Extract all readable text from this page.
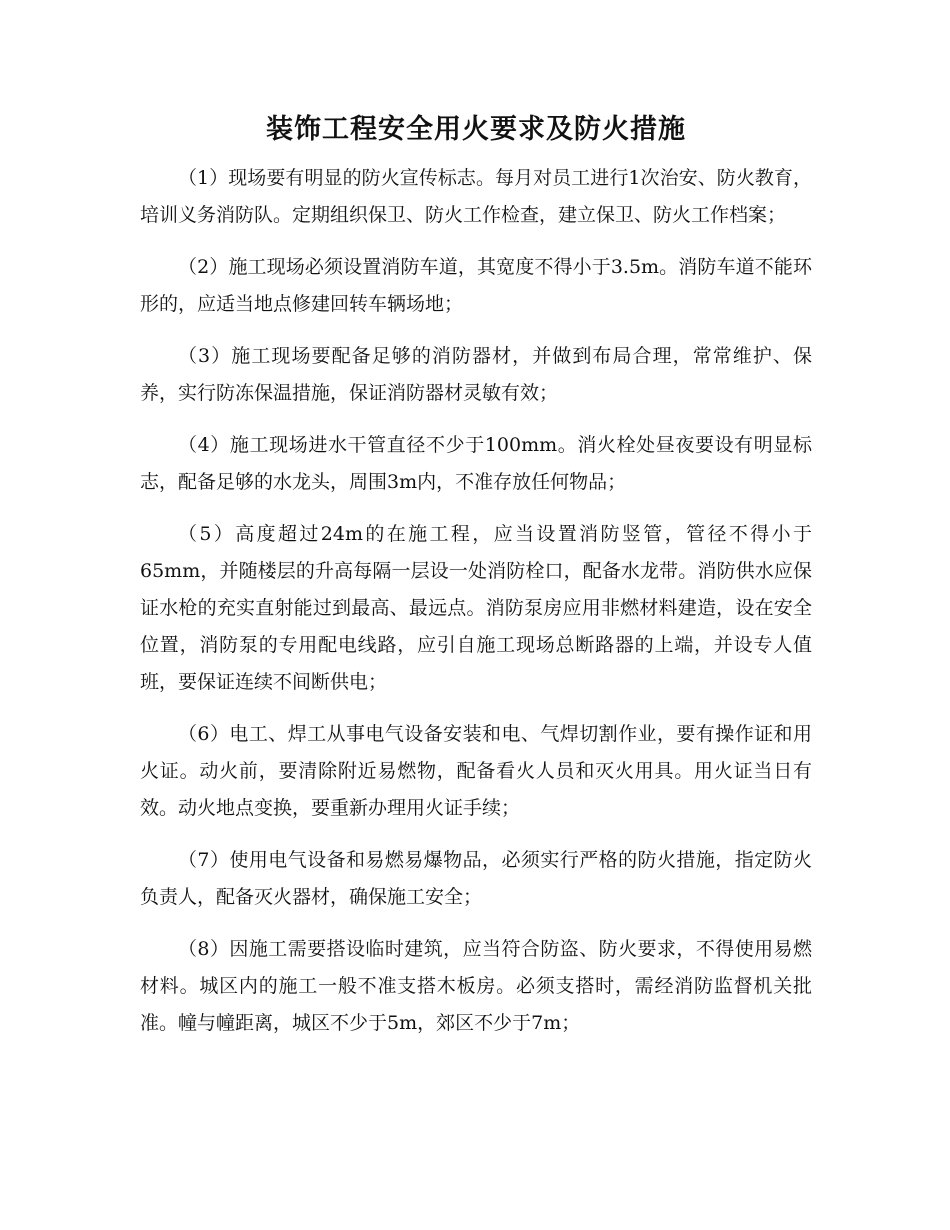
装饰工程安全用火要求及防火措施

（1）现场要有明显的防火宣传标志。每月对员工进行1次治安、防火教育，培训义务消防队。定期组织保卫、防火工作检查，建立保卫、防火工作档案；

（2）施工现场必须设置消防车道，其宽度不得小于3.5m。消防车道不能环形的，应适当地点修建回转车辆场地；

（3）施工现场要配备足够的消防器材，并做到布局合理，常常维护、保养，实行防冻保温措施，保证消防器材灵敏有效；

（4）施工现场进水干管直径不少于100mm。消火栓处昼夜要设有明显标志，配备足够的水龙头，周围3m内，不准存放任何物品；

（5）高度超过24m的在施工程，应当设置消防竖管，管径不得小于65mm，并随楼层的升高每隔一层设一处消防栓口，配备水龙带。消防供水应保证水枪的充实直射能过到最高、最远点。消防泵房应用非燃材料建造，设在安全位置，消防泵的专用配电线路，应引自施工现场总断路器的上端，并设专人值班，要保证连续不间断供电；

（6）电工、焊工从事电气设备安装和电、气焊切割作业，要有操作证和用火证。动火前，要清除附近易燃物，配备看火人员和灭火用具。用火证当日有效。动火地点变换，要重新办理用火证手续；

（7）使用电气设备和易燃易爆物品，必须实行严格的防火措施，指定防火负责人，配备灭火器材，确保施工安全；

（8）因施工需要搭设临时建筑，应当符合防盗、防火要求，不得使用易燃材料。城区内的施工一般不准支搭木板房。必须支搭时，需经消防监督机关批准。幢与幢距离，城区不少于5m，郊区不少于7m；
